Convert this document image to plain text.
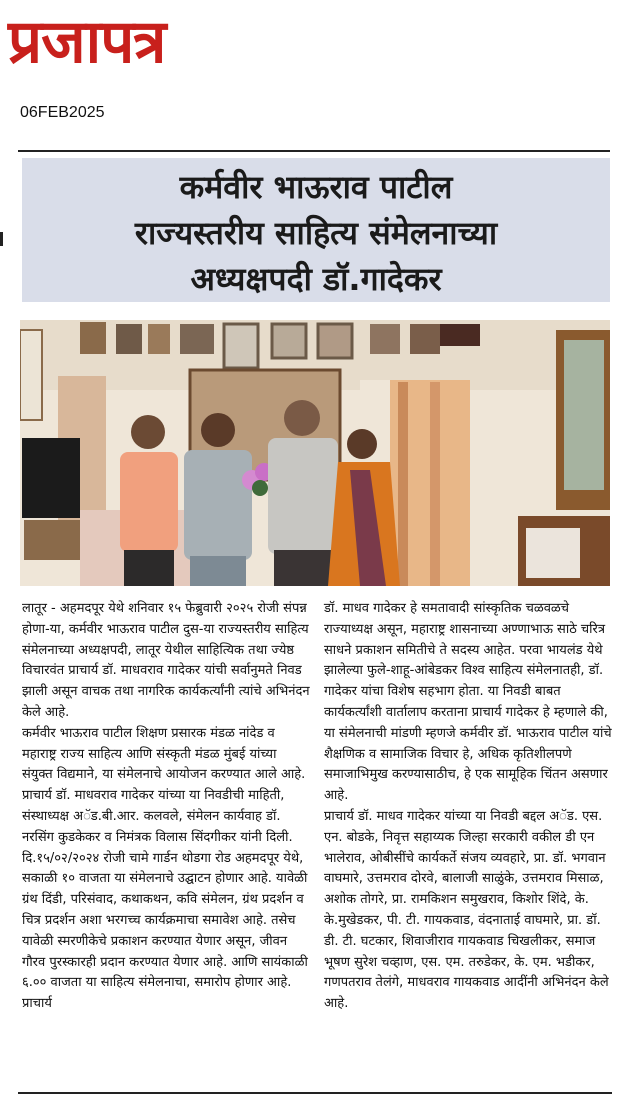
प्रजापत्र
06FEB2025
कर्मवीर भाऊराव पाटील
राज्यस्तरीय साहित्य संमेलनाच्या
अध्यक्षपदी डॉ.गादेकर

लातूर - अहमदपूर येथे शनिवार १५ फेब्रुवारी २०२५ रोजी संपन्न होणा-या, कर्मवीर भाऊराव पाटील दुस-या राज्यस्तरीय साहित्य संमेलनाच्या अध्यक्षपदी, लातूर येथील साहित्यिक तथा ज्येष्ठ विचारवंत प्राचार्य डॉ. माधवराव गादेकर यांची सर्वानुमते निवड झाली असून वाचक तथा नागरिक कार्यकर्त्यांनी त्यांचे अभिनंदन केले आहे.

कर्मवीर भाऊराव पाटील शिक्षण प्रसारक मंडळ नांदेड व महाराष्ट्र राज्य साहित्य आणि संस्कृती मंडळ मुंबई यांच्या संयुक्त विद्यमाने, या संमेलनाचे आयोजन करण्यात आले आहे. प्राचार्य डॉ. माधवराव गादेकर यांच्या या निवडीची माहिती, संस्थाध्यक्ष अॅड.बी.आर. कलवले, संमेलन कार्यवाह डॉ. नरसिंग कुडकेकर व निमंत्रक विलास सिंदगीकर यांनी दिली. दि.१५/०२/२०२४ रोजी चामे गार्डन थोडगा रोड अहमदपूर येथे, सकाळी १० वाजता या संमेलनाचे उद्घाटन होणार आहे. यावेळी ग्रंथ दिंडी, परिसंवाद, कथाकथन, कवि संमेलन, ग्रंथ प्रदर्शन व चित्र प्रदर्शन अशा भरगच्च कार्यक्रमाचा समावेश आहे. तसेच यावेळी स्मरणीकेचे प्रकाशन करण्यात येणार असून, जीवन गौरव पुरस्कारही प्रदान करण्यात येणार आहे. आणि सायंकाळी ६.०० वाजता या साहित्य संमेलनाचा, समारोप होणार आहे. प्राचार्य

डॉ. माधव गादेकर हे समतावादी सांस्कृतिक चळवळचे राज्याध्यक्ष असून, महाराष्ट्र शासनाच्या अण्णाभाऊ साठे चरित्र साधने प्रकाशन समितीचे ते सदस्य आहेत. परवा भायलंड येथे झालेल्या फुले-शाहू-आंबेडकर विश्व साहित्य संमेलनातही, डॉ. गादेकर यांचा विशेष सहभाग होता. या निवडी बाबत कार्यकर्त्यांशी वार्तालाप करताना प्राचार्य गादेकर हे म्हणाले की, या संमेलनाची मांडणी म्हणजे कर्मवीर डॉ. भाऊराव पाटील यांचे शैक्षणिक व सामाजिक विचार हे, अधिक कृतिशीलपणे समाजाभिमुख करण्यासाठीच, हे एक सामूहिक चिंतन असणार आहे.

प्राचार्य डॉ. माधव गादेकर यांच्या या निवडी बद्दल अॅड. एस. एन. बोडके, निवृत्त सहाय्यक जिल्हा सरकारी वकील डी एन भालेराव, ओबीसींचे कार्यकर्ते संजय व्यवहारे, प्रा. डॉ. भगवान वाघमारे, उत्तमराव दोरवे, बालाजी साळुंके, उत्तमराव मिसाळ, अशोक तोगरे, प्रा. रामकिशन समुखराव, किशोर शिंदे, के. के.मुखेडकर, पी. टी. गायकवाड, वंदनाताई वाघमारे, प्रा. डॉ. डी. टी. घटकार, शिवाजीराव गायकवाड चिखलीकर, समाज भूषण सुरेश चव्हाण, एस. एम. तरुडेकर, के. एम. भडीकर, गणपतराव तेलंगे, माधवराव गायकवाड आदींनी अभिनंदन केले आहे.
